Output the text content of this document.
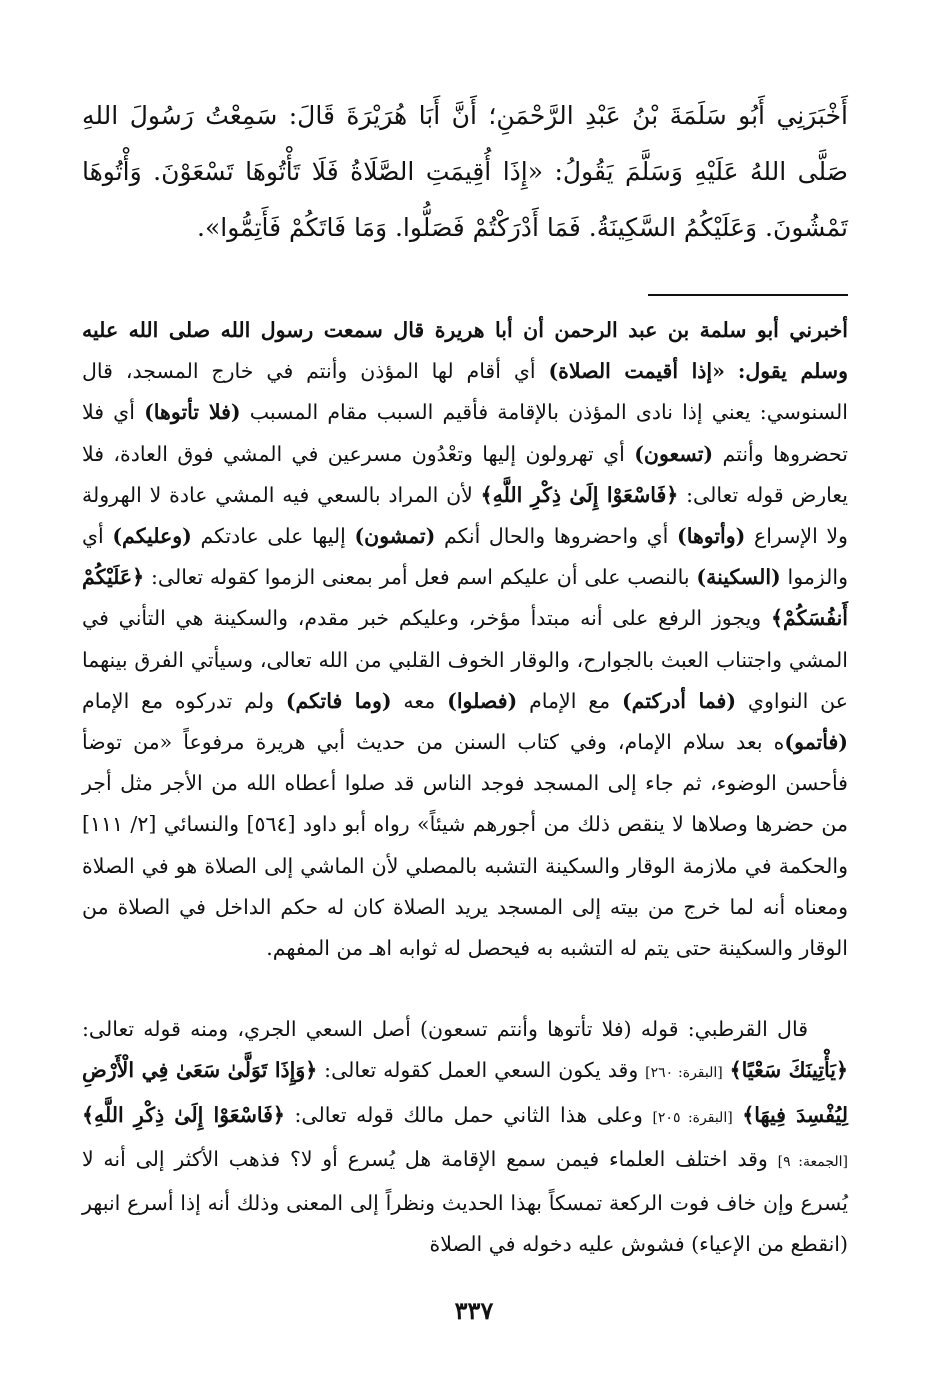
أَخْبَرَنِي أَبُو سَلَمَةَ بْنُ عَبْدِ الرَّحْمَنِ؛ أَنَّ أَبَا هُرَيْرَةَ قَالَ: سَمِعْتُ رَسُولَ اللهِ صَلَّى اللهُ عَلَيْهِ وَسَلَّمَ يَقُولُ: «إِذَا أُقِيمَتِ الصَّلَاةُ فَلَا تَأْتُوهَا تَسْعَوْنَ. وَأْتُوهَا تَمْشُونَ. وَعَلَيْكُمُ السَّكِينَةُ. فَمَا أَدْرَكْتُمْ فَصَلُّوا. وَمَا فَاتَكُمْ فَأَتِمُّوا».

أخبرني أبو سلمة بن عبد الرحمن أن أبا هريرة قال سمعت رسول الله صلى الله عليه وسلم يقول: «إذا أقيمت الصلاة) أي أقام لها المؤذن وأنتم في خارج المسجد، قال السنوسي: يعني إذا نادى المؤذن بالإقامة فأقيم السبب مقام المسبب (فلا تأتوها) أي فلا تحضروها وأنتم (تسعون) أي تهرولون إليها وتعْدُون مسرعين في المشي فوق العادة، فلا يعارض قوله تعالى: ﴿فَاسْعَوْا إِلَىٰ ذِكْرِ اللَّهِ﴾ لأن المراد بالسعي فيه المشي عادة لا الهرولة ولا الإسراع (وأتوها) أي واحضروها والحال أنكم (تمشون) إليها على عادتكم (وعليكم) أي والزموا (السكينة) بالنصب على أن عليكم اسم فعل أمر بمعنى الزموا كقوله تعالى: ﴿عَلَيْكُمْ أَنفُسَكُمْ﴾ ويجوز الرفع على أنه مبتدأ مؤخر، وعليكم خبر مقدم، والسكينة هي التأني في المشي واجتناب العبث بالجوارح، والوقار الخوف القلبي من الله تعالى، وسيأتي الفرق بينهما عن النواوي (فما أدركتم) مع الإمام (فصلوا) معه (وما فاتكم) ولم تدركوه مع الإمام (فأتمو)ه بعد سلام الإمام، وفي كتاب السنن من حديث أبي هريرة مرفوعاً «من توضأ فأحسن الوضوء، ثم جاء إلى المسجد فوجد الناس قد صلوا أعطاه الله من الأجر مثل أجر من حضرها وصلاها لا ينقص ذلك من أجورهم شيئاً» رواه أبو داود [٥٦٤] والنسائي [٢/ ١١١] والحكمة في ملازمة الوقار والسكينة التشبه بالمصلي لأن الماشي إلى الصلاة هو في الصلاة ومعناه أنه لما خرج من بيته إلى المسجد يريد الصلاة كان له حكم الداخل في الصلاة من الوقار والسكينة حتى يتم له التشبه به فيحصل له ثوابه اهـ من المفهم.

قال القرطبي: قوله (فلا تأتوها وأنتم تسعون) أصل السعي الجري، ومنه قوله تعالى: ﴿يَأْتِينَكَ سَعْيًا﴾ [البقرة: ٢٦٠] وقد يكون السعي العمل كقوله تعالى: ﴿وَإِذَا تَوَلَّىٰ سَعَىٰ فِي الْأَرْضِ لِيُفْسِدَ فِيهَا﴾ [البقرة: ٢٠٥] وعلى هذا الثاني حمل مالك قوله تعالى: ﴿فَاسْعَوْا إِلَىٰ ذِكْرِ اللَّهِ﴾ [الجمعة: ٩] وقد اختلف العلماء فيمن سمع الإقامة هل يُسرع أو لا؟ فذهب الأكثر إلى أنه لا يُسرع وإن خاف فوت الركعة تمسكاً بهذا الحديث ونظراً إلى المعنى وذلك أنه إذا أسرع انبهر (انقطع من الإعياء) فشوش عليه دخوله في الصلاة

٣٣٧
